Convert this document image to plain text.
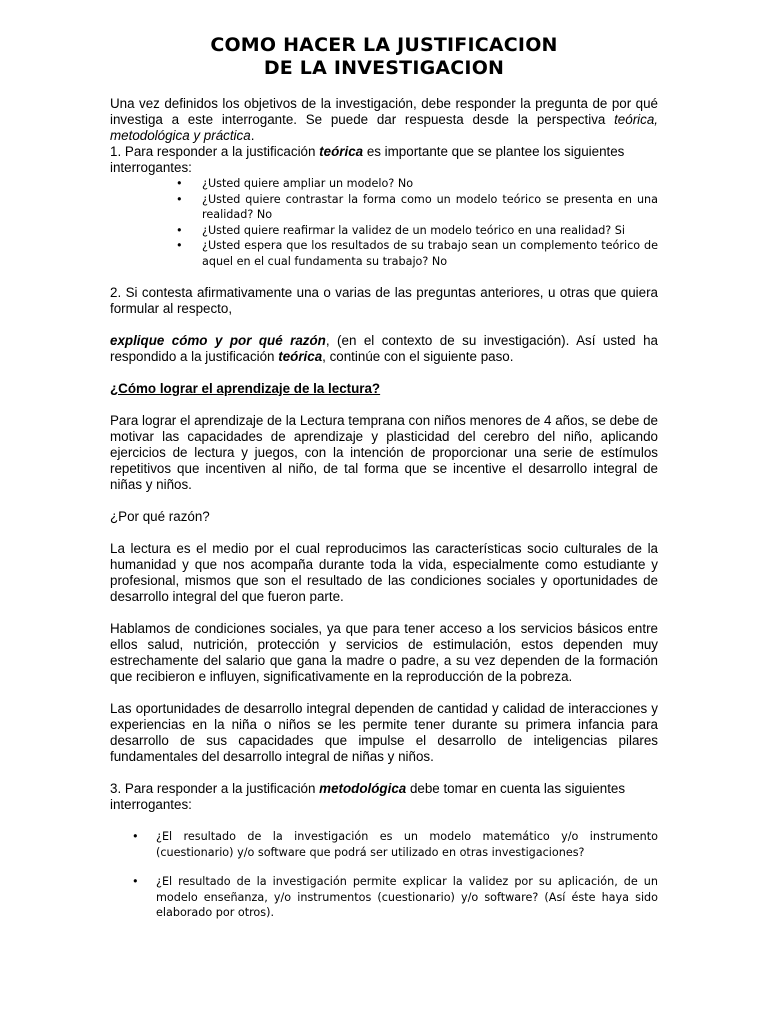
COMO HACER LA JUSTIFICACION
DE LA INVESTIGACION

Una vez definidos los objetivos de la investigación, debe responder la pregunta de por qué investiga a este interrogante. Se puede dar respuesta desde la perspectiva teórica, metodológica y práctica.

1. Para responder a la justificación teórica es importante que se plantee los siguientes interrogantes:

• ¿Usted quiere ampliar un modelo? No
• ¿Usted quiere contrastar la forma como un modelo teórico se presenta en una realidad? No
• ¿Usted quiere reafirmar la validez de un modelo teórico en una realidad? Si
• ¿Usted espera que los resultados de su trabajo sean un complemento teórico de aquel en el cual fundamenta su trabajo? No

2. Si contesta afirmativamente una o varias de las preguntas anteriores, u otras que quiera formular al respecto,

explique cómo y por qué razón, (en el contexto de su investigación). Así usted ha respondido a la justificación teórica, continúe con el siguiente paso.

¿Cómo lograr el aprendizaje de la lectura?

Para lograr el aprendizaje de la Lectura temprana con niños menores de 4 años, se debe de motivar las capacidades de aprendizaje y plasticidad del cerebro del niño, aplicando ejercicios de lectura y juegos, con la intención de proporcionar una serie de estímulos repetitivos que incentiven al niño, de tal forma que se incentive el desarrollo integral de niñas y niños.

¿Por qué razón?

La lectura es el medio por el cual reproducimos las características socio culturales de la humanidad y que nos acompaña durante toda la vida, especialmente como estudiante y profesional, mismos que son el resultado de las condiciones sociales y oportunidades de desarrollo integral del que fueron parte.

Hablamos de condiciones sociales, ya que para tener acceso a los servicios básicos entre ellos salud, nutrición, protección y servicios de estimulación, estos dependen muy estrechamente del salario que gana la madre o padre, a su vez dependen de la formación que recibieron e influyen, significativamente en la reproducción de la pobreza.

Las oportunidades de desarrollo integral dependen de cantidad y calidad de interacciones y experiencias en la niña o niños se les permite tener durante su primera infancia para desarrollo de sus capacidades que impulse el desarrollo de inteligencias pilares fundamentales del desarrollo integral de niñas y niños.

3. Para responder a la justificación metodológica debe tomar en cuenta las siguientes interrogantes:

• ¿El resultado de la investigación es un modelo matemático y/o instrumento (cuestionario) y/o software que podrá ser utilizado en otras investigaciones?
• ¿El resultado de la investigación permite explicar la validez por su aplicación, de un modelo enseñanza, y/o instrumentos (cuestionario) y/o software? (Así éste haya sido elaborado por otros).
